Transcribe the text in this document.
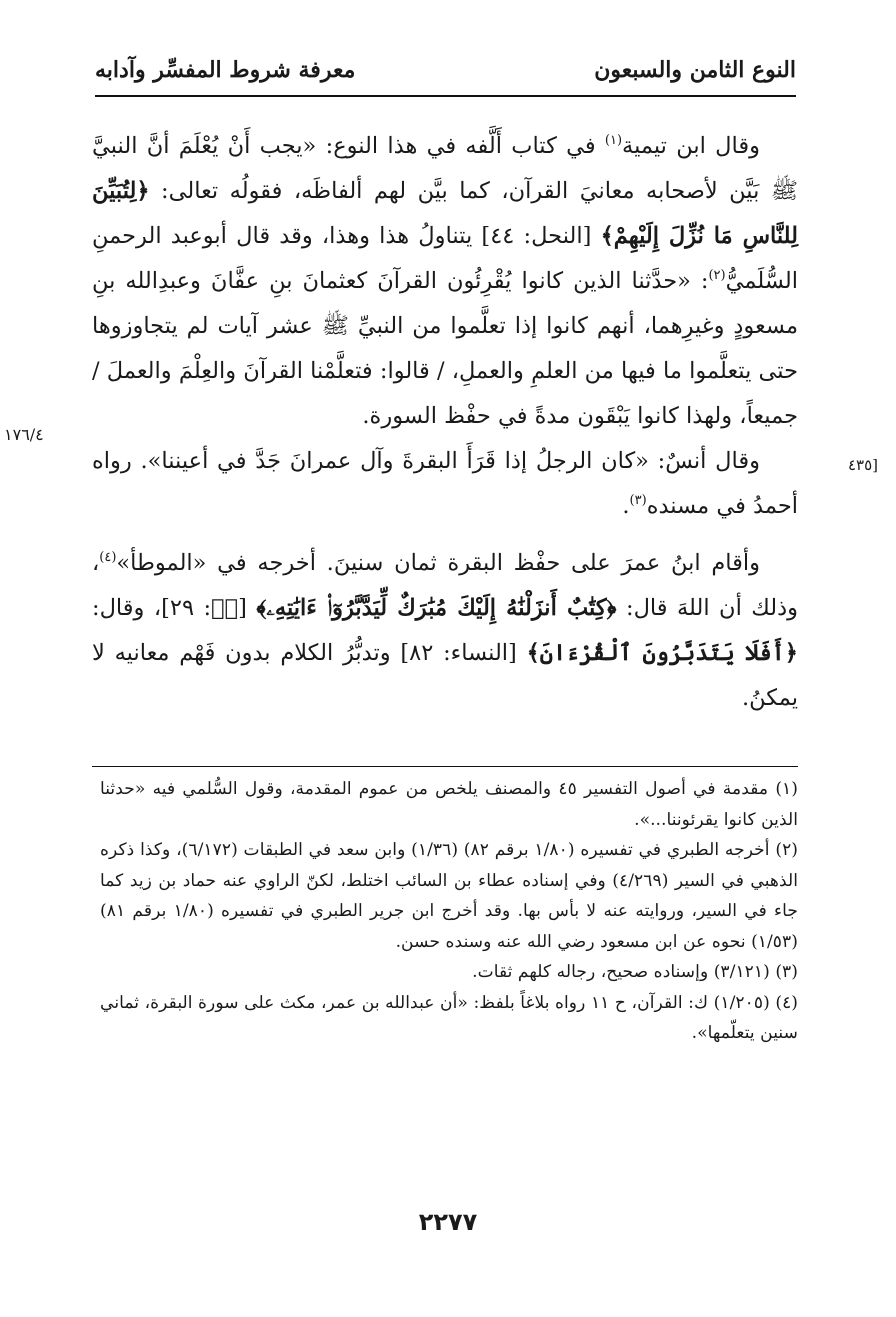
النوع الثامن والسبعون
معرفة شروط المفسِّر وآدابه
١٧٦/٤
[٤٣٥

وقال ابن تيمية$^{(١)}$ في كتاب أَلَّفه في هذا النوع: «يجب أَنْ يُعْلَمَ أنَّ النبيَّ ﷺ بَيَّن لأصحابه معانيَ القرآن، كما بيَّن لهم ألفاظَه، فقولُه تعالى: ﴿لِتُبَيِّنَ لِلنَّاسِ مَا نُزِّلَ إِلَيْهِمْ﴾ [النحل: ٤٤] يتناولُ هذا وهذا، وقد قال أبوعبد الرحمنِ السُّلَميُّ$^{(٢)}$: «حدَّثنا الذين كانوا يُقْرِئُون القرآنَ كعثمانَ بنِ عفَّانَ وعبدِالله بنِ مسعودٍ وغيرِهما، أنهم كانوا إذا تعلَّموا من النبيِّ ﷺ عشر آيات لم يتجاوزوها حتى يتعلَّموا ما فيها من العلمِ والعملِ، / قالوا: فتعلَّمْنا القرآنَ والعِلْمَ والعملَ / جميعاً، ولهذا كانوا يَبْقَون مدةً في حفْظ السورة.

وقال أنسٌ: «كان الرجلُ إذا قَرَأَ البقرةَ وآل عمرانَ جَدَّ في أعيننا». رواه أحمدُ في مسنده$^{(٣)}$.

وأقام ابنُ عمرَ على حفْظ البقرة ثمان سنينَ. أخرجه في «الموطأ»$^{(٤)}$، وذلك أن اللهَ قال: ﴿كِتَٰبٌ أَنزَلْنَٰهُ إِلَيْكَ مُبَٰرَكٌ لِّيَدَّبَّرُوٓا۟ ءَايَٰتِهِۦ﴾ [صۤ: ٢٩]، وقال: ﴿أَفَلَا يَتَدَبَّرُونَ ٱلْقُرْءَانَ﴾ [النساء: ٨٢] وتدبُّرُ الكلام بدون فَهْم معانيه لا يمكنُ.

(١) مقدمة في أصول التفسير ٤٥ والمصنف يلخص من عموم المقدمة، وقول السُّلمي فيه «حدثنا الذين كانوا يقرئوننا...».

(٢) أخرجه الطبري في تفسيره (١/٨٠ برقم ٨٢) (١/٣٦) وابن سعد في الطبقات (٦/١٧٢)، وكذا ذكره الذهبي في السير (٤/٢٦٩) وفي إسناده عطاء بن السائب اختلط، لكنّ الراوي عنه حماد بن زيد كما جاء في السير، وروايته عنه لا بأس بها. وقد أخرج ابن جرير الطبري في تفسيره (١/٨٠ برقم ٨١) (١/٥٣) نحوه عن ابن مسعود رضي الله عنه وسنده حسن.

(٣) (٣/١٢١) وإسناده صحيح، رجاله كلهم ثقات.

(٤) (١/٢٠٥) ك: القرآن، ح ١١ رواه بلاغاً بلفظ: «أن عبدالله بن عمر، مكث على سورة البقرة، ثماني سنين يتعلّمها».

٢٢٧٧
